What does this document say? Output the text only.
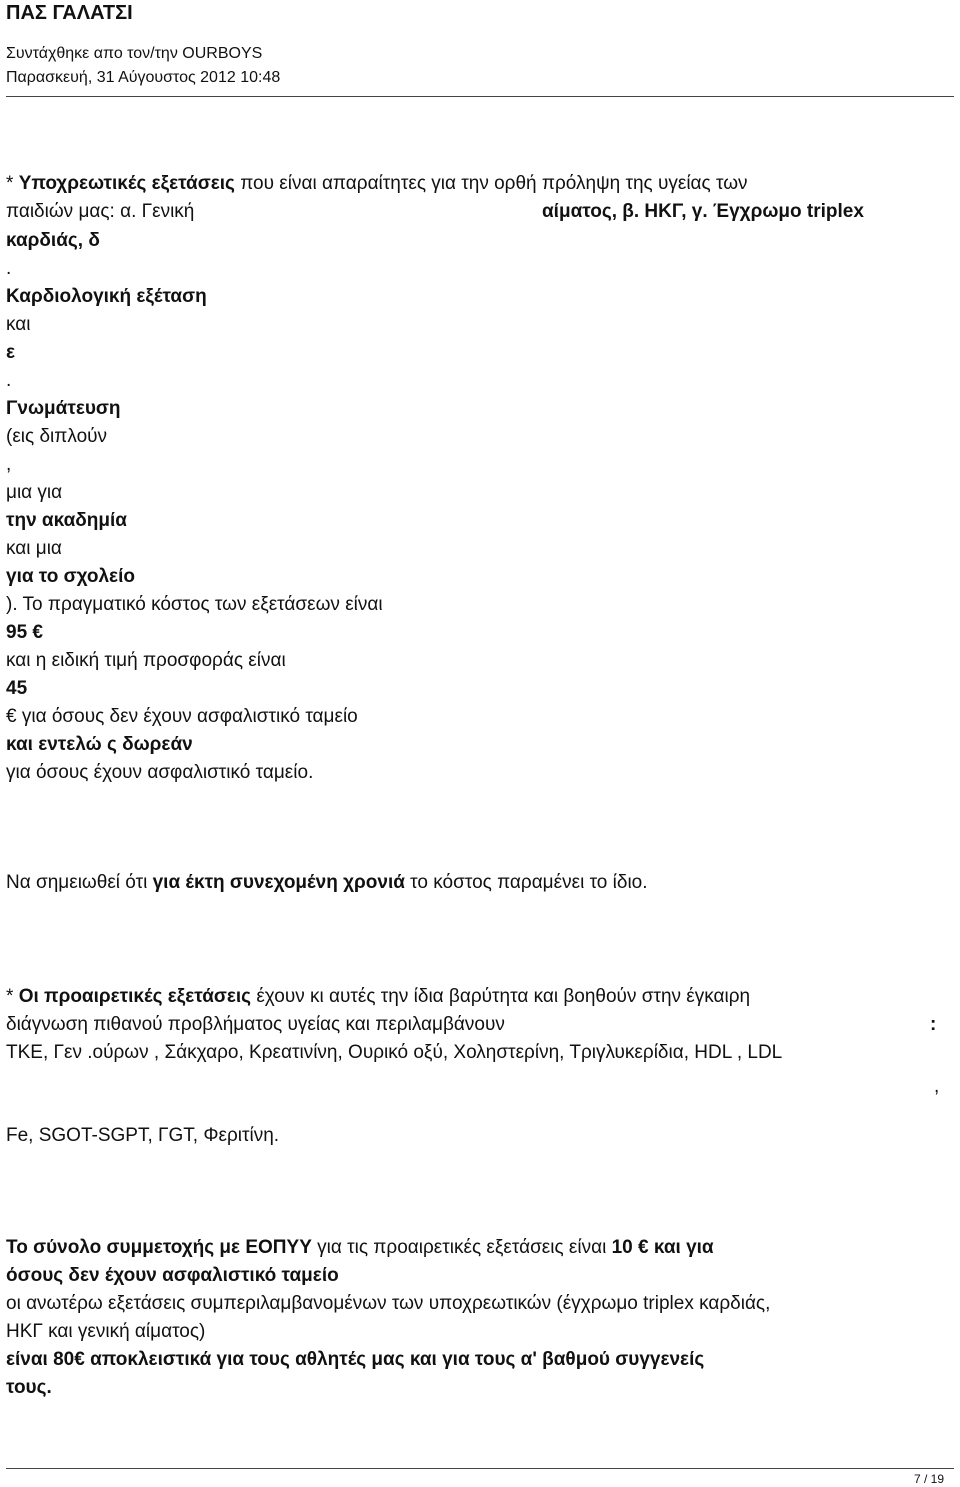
ΠΑΣ ΓΑΛΑΤΣΙ
Συντάχθηκε απο τον/την OURBOYS
Παρασκευή, 31 Αύγουστος 2012 10:48
* Υποχρεωτικές εξετάσεις που είναι απαραίτητες για την ορθή πρόληψη της υγείας των
παιδιών μας: α. Γενική	αίματος, β. ΗΚΓ, γ. Έγχρωμο triplex
καρδιάς, δ
.
Καρδιολογική εξέταση
και
ε
.
Γνωμάτευση
(εις διπλούν
,
μια για
την ακαδημία
και μια
για το σχολείο
). Το πραγματικό κόστος των εξετάσεων είναι
95 €
και η ειδική τιμή προσφοράς είναι
45
€ για όσους δεν έχουν ασφαλιστικό ταμείο
και εντελώ ς δωρεάν
για όσους έχουν ασφαλιστικό ταμείο.
Να σημειωθεί ότι για έκτη συνεχομένη χρονιά το κόστος παραμένει το ίδιο.
* Οι προαιρετικές εξετάσεις έχουν κι αυτές την ίδια βαρύτητα και βοηθούν στην έγκαιρη
διάγνωση πιθανού προβλήματος υγείας και περιλαμβάνουν	:
ΤΚΕ, Γεν .ούρων , Σάκχαρο, Κρεατινίνη, Ουρικό οξύ, Χοληστερίνη, Τριγλυκερίδια, HDL , LDL
,
Fe, SGOT-SGPT, ΓGT, Φεριτίνη.
Το σύνολο συμμετοχής με ΕΟΠΥΥ για τις προαιρετικές εξετάσεις είναι 10 € και για
όσους δεν έχουν ασφαλιστικό ταμείο
οι ανωτέρω εξετάσεις συμπεριλαμβανομένων των υποχρεωτικών (έγχρωμο triplex καρδιάς,
ΗΚΓ και γενική αίματος)
είναι 80€ αποκλειστικά για τους αθλητές μας και για τους α' βαθμού συγγενείς
τους.
7 / 19
